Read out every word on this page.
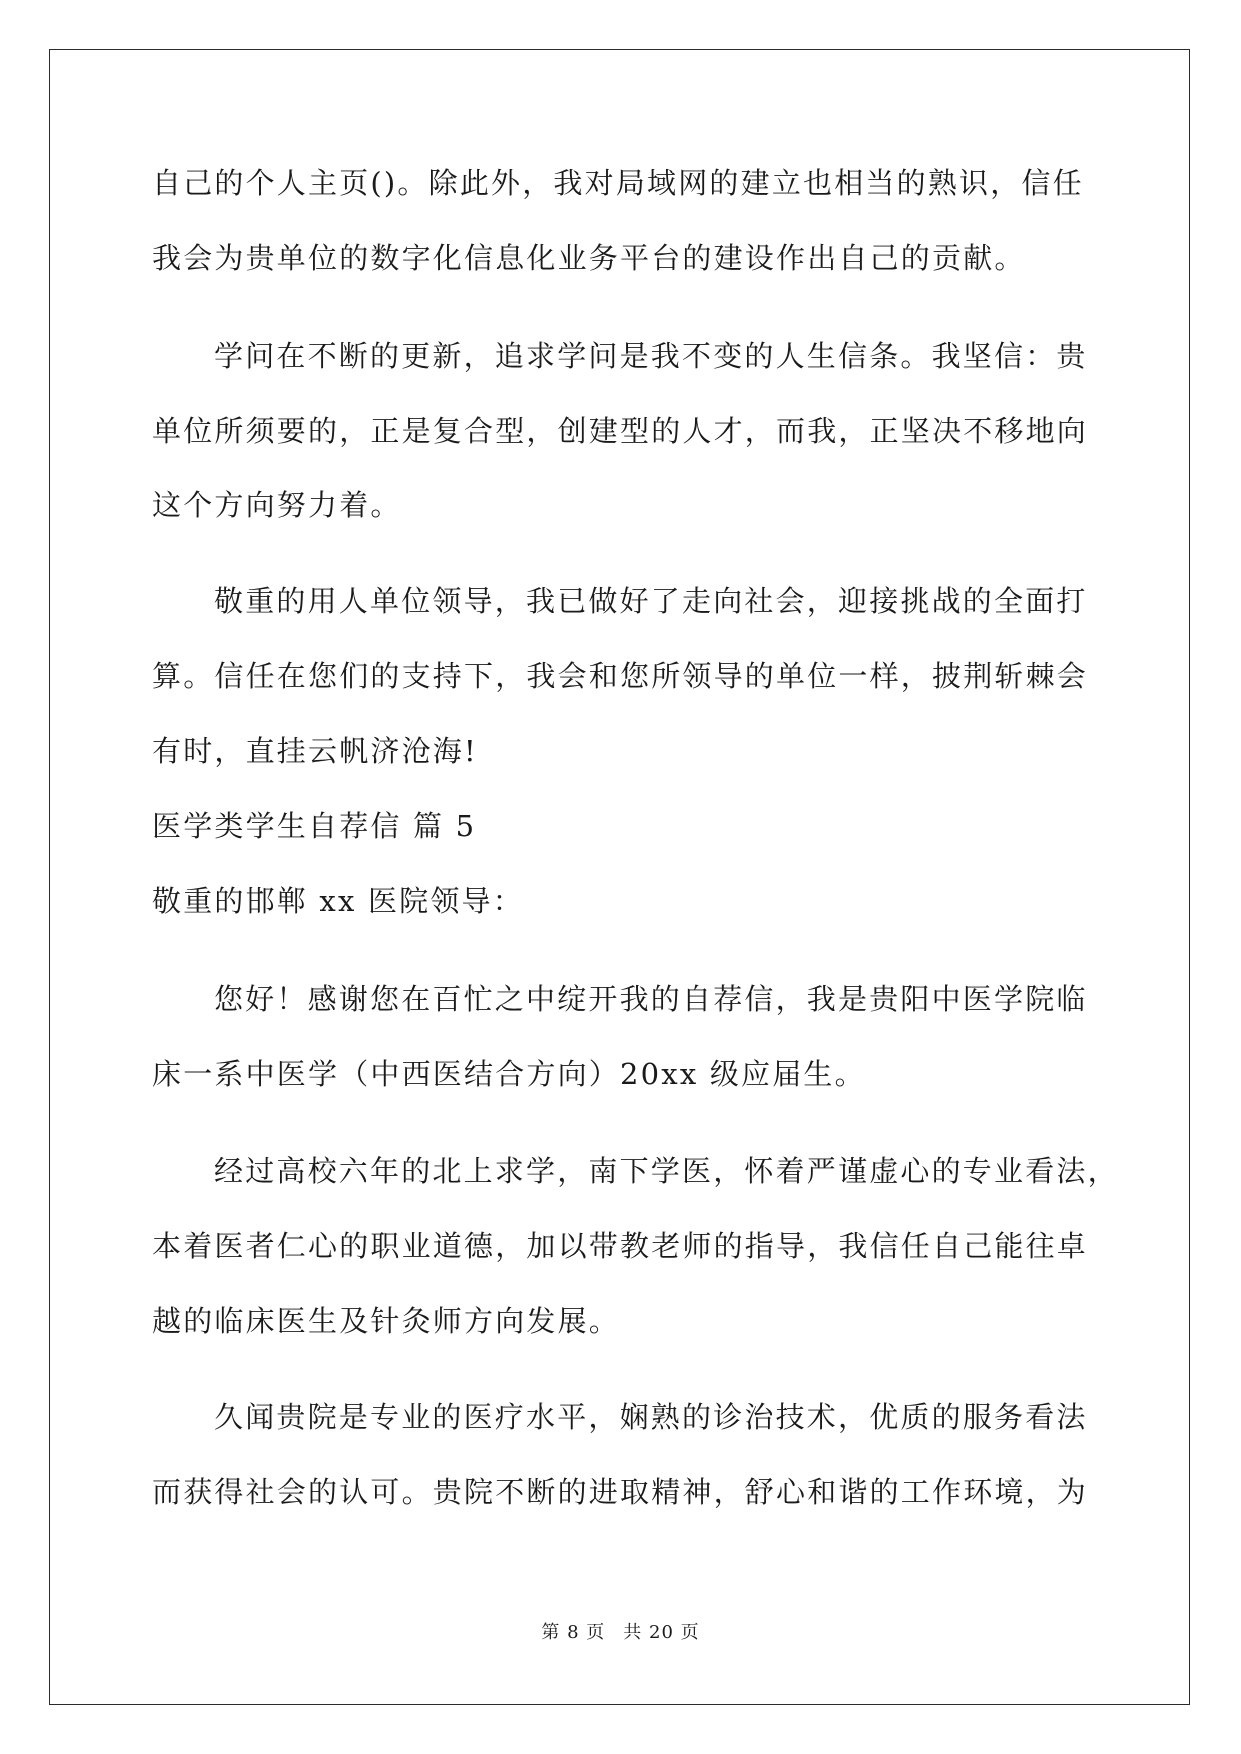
自己的个人主页()。除此外，我对局域网的建立也相当的熟识，信任
我会为贵单位的数字化信息化业务平台的建设作出自己的贡献。
学问在不断的更新，追求学问是我不变的人生信条。我坚信：贵
单位所须要的，正是复合型，创建型的人才，而我，正坚决不移地向
这个方向努力着。
敬重的用人单位领导，我已做好了走向社会，迎接挑战的全面打
算。信任在您们的支持下，我会和您所领导的单位一样，披荆斩棘会
有时，直挂云帆济沧海!
医学类学生自荐信 篇 5
敬重的邯郸 xx 医院领导：
您好！感谢您在百忙之中绽开我的自荐信，我是贵阳中医学院临
床一系中医学（中西医结合方向）20xx 级应届生。
经过高校六年的北上求学，南下学医，怀着严谨虚心的专业看法，
本着医者仁心的职业道德，加以带教老师的指导，我信任自己能往卓
越的临床医生及针灸师方向发展。
久闻贵院是专业的医疗水平，娴熟的诊治技术，优质的服务看法
而获得社会的认可。贵院不断的进取精神，舒心和谐的工作环境，为
第 8 页 共 20 页
